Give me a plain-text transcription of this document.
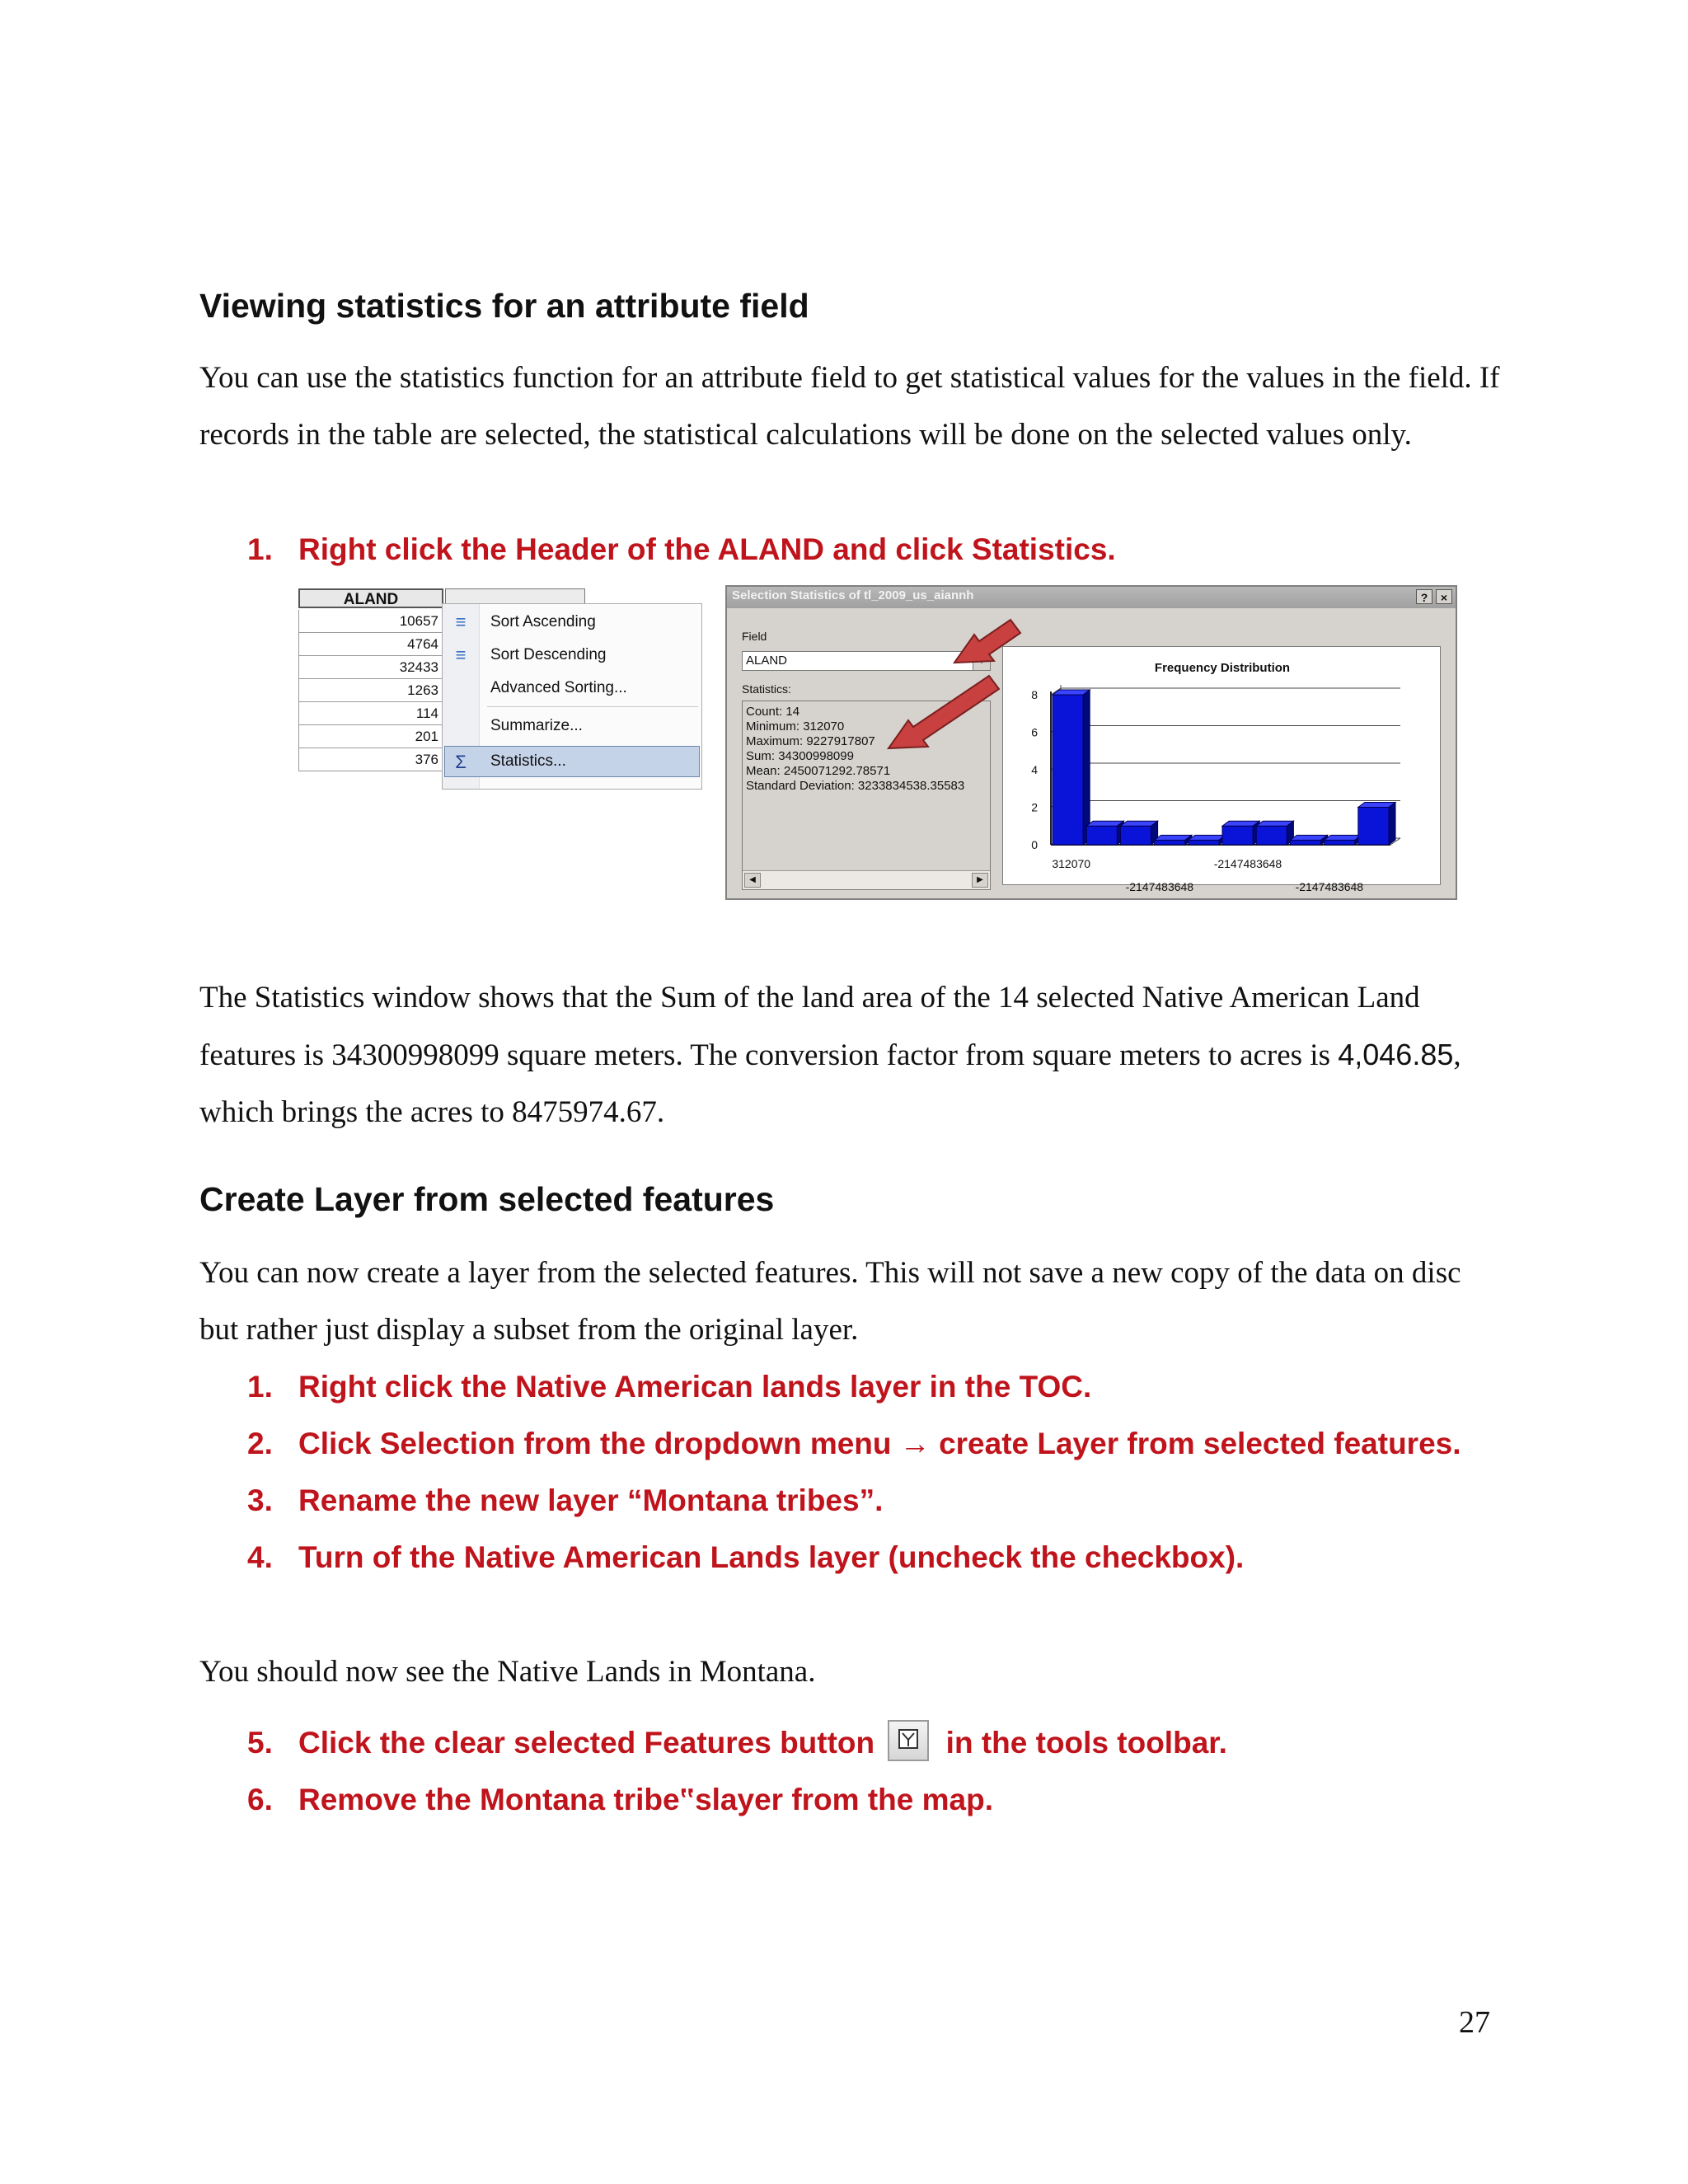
Viewing statistics for an attribute field

You can use the statistics function for an attribute field to get statistical values for the values in the field. If records in the table are selected, the statistical calculations will be done on the selected values only.

1. Right click the Header of the ALAND and click Statistics.
ALAND
10657
4764
32433
1263
114
201
376
≡	Sort Ascending
≡	Sort Descending
Advanced Sorting...
Summarize...
Σ	Statistics...
Selection Statistics of tl_2009_us_aiannh	?	×
Field
ALAND
Statistics:
Count: 14
Minimum: 312070
Maximum: 9227917807
Sum: 34300998099
Mean: 2450071292.78571
Standard Deviation: 3233834538.35583
◀	▶
Frequency Distribution
0
2
4
6
8
312070	-2147483648
-2147483648	-2147483648

The Statistics window shows that the Sum of the land area of the 14 selected Native American Land features is 34300998099 square meters. The conversion factor from square meters to acres is 4,046.85, which brings the acres to 8475974.67.

Create Layer from selected features

You can now create a layer from the selected features. This will not save a new copy of the data on disc but rather just display a subset from the original layer.

1. Right click the Native American lands layer in the TOC.
2. Click Selection from the dropdown menu → create Layer from selected features.
3. Rename the new layer “Montana tribes”.
4. Turn of the Native American Lands layer (uncheck the checkbox).

You should now see the Native Lands in Montana.

5. Click the clear selected Features button
in the tools toolbar.
6. Remove the Montana tribe‟slayer from the map.
27
